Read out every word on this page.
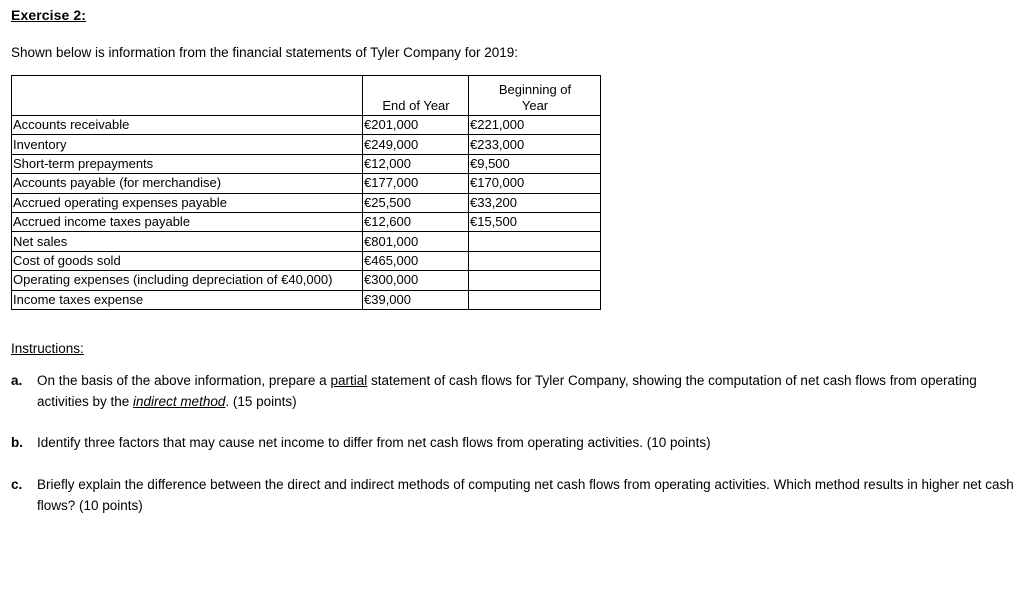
Exercise 2:
Shown below is information from the financial statements of Tyler Company for 2019:
	End of Year	Beginning of
Year
Accounts receivable	€201,000	€221,000
Inventory	€249,000	€233,000
Short-term prepayments	€12,000	€9,500
Accounts payable (for merchandise)	€177,000	€170,000
Accrued operating expenses payable	€25,500	€33,200
Accrued income taxes payable	€12,600	€15,500
Net sales	€801,000	
Cost of goods sold	€465,000	
Operating expenses (including depreciation of €40,000)	€300,000	
Income taxes expense	€39,000	
Instructions:
a. On the basis of the above information, prepare a partial statement of cash flows for Tyler Company, showing the computation of net cash flows from operating activities by the indirect method. (15 points)
b. Identify three factors that may cause net income to differ from net cash flows from operating activities. (10 points)
c. Briefly explain the difference between the direct and indirect methods of computing net cash flows from operating activities. Which method results in higher net cash flows? (10 points)
